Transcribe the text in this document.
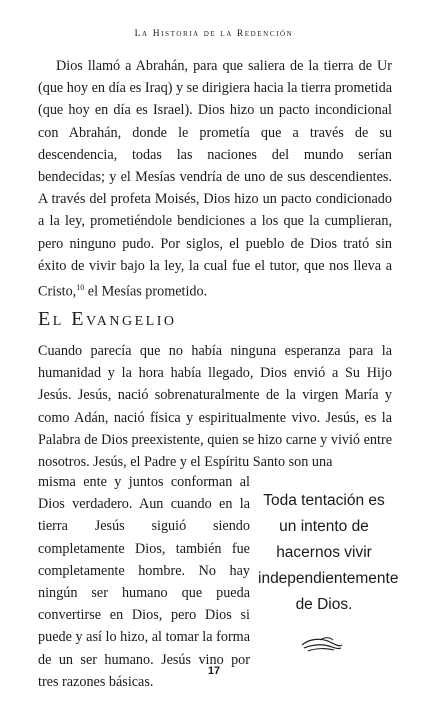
La Historia de la Redención

Dios llamó a Abrahán, para que saliera de la tierra de Ur (que hoy en día es Iraq) y se dirigiera hacia la tierra prometida (que hoy en día es Israel). Dios hizo un pacto incondicional con Abrahán, donde le prometía que a través de su descendencia, todas las naciones del mundo serían bendecidas; y el Mesías vendría de uno de sus descendientes. A través del profeta Moisés, Dios hizo un pacto condicionado a la ley, prometiéndole bendiciones a los que la cumplieran, pero ninguno pudo. Por siglos, el pueblo de Dios trató sin éxito de vivir bajo la ley, la cual fue el tutor, que nos lleva a Cristo,$^{10}$ el Mesías prometido.

El Evangelio

Cuando parecía que no había ninguna esperanza para la humanidad y la hora había llegado, Dios envió a Su Hijo Jesús. Jesús, nació sobrenaturalmente de la virgen María y como Adán, nació física y espiritualmente vivo. Jesús, es la Palabra de Dios preexistente, quien se hizo carne y vivió entre nosotros. Jesús, el Padre y el Espíritu Santo son una

misma ente y juntos conforman al Dios verdadero. Aun cuando en la tierra Jesús siguió siendo completamente Dios, también fue completamente hombre. No hay ningún ser humano que pueda convertirse en Dios, pero Dios si puede y así lo hizo, al tomar la forma de un ser humano. Jesús vino por tres razones básicas.

Toda tentación es un intento de hacernos vivir independientemente de Dios.

17
